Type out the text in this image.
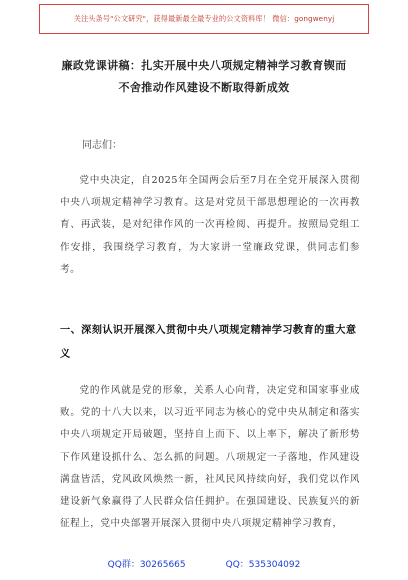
关注头条号"公文研究"，获得最新最全最专业的公文资料库！ 微信：gongwenyj
廉政党课讲稿：扎实开展中央八项规定精神学习教育锲而
不舍推动作风建设不断取得新成效
同志们：
党中央决定，自2025年全国两会后至7月在全党开展深入贯彻中央八项规定精神学习教育。这是对党员干部思想理论的一次再教育、再武装，是对纪律作风的一次再检阅、再提升。按照局党组工作安排，我围绕学习教育，为大家讲一堂廉政党课，供同志们参考。
一、深刻认识开展深入贯彻中央八项规定精神学习教育的重大意义
党的作风就是党的形象，关系人心向背，决定党和国家事业成败。党的十八大以来，以习近平同志为核心的党中央从制定和落实中央八项规定开局破题，坚持自上而下、以上率下，解决了新形势下作风建设抓什么、怎么抓的问题。八项规定一子落地，作风建设满盘皆活，党风政风焕然一新，社风民风持续向好，我们党以作风建设新气象赢得了人民群众信任拥护。在强国建设、民族复兴的新征程上，党中央部署开展深入贯彻中央八项规定精神学习教育，
QQ群：30265665	QQ：535304092
